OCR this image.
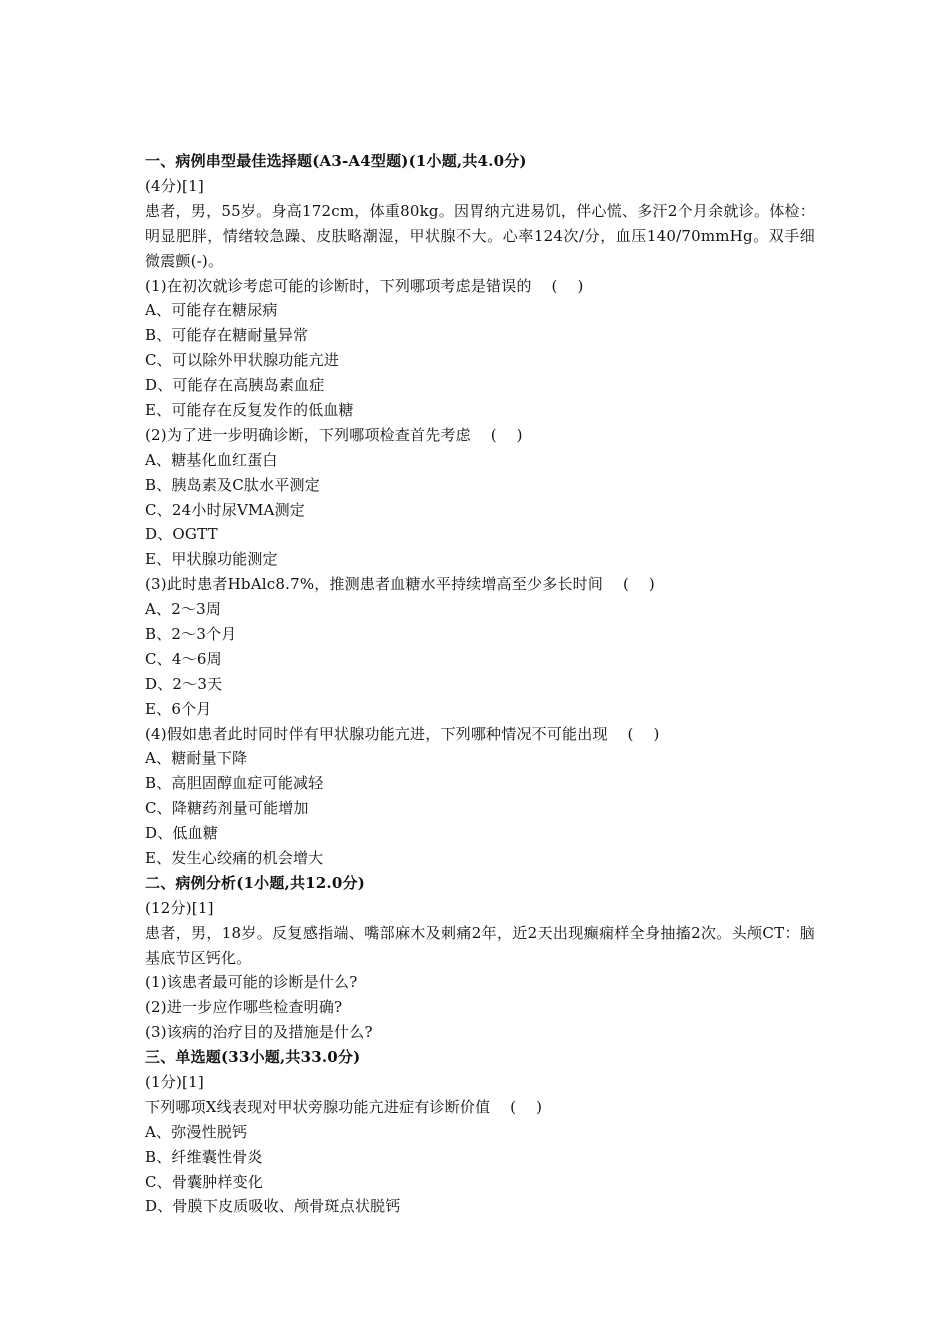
一、病例串型最佳选择题(A3-A4型题)(1小题,共4.0分)
(4分)[1]
患者，男，55岁。身高172cm，体重80kg。因胃纳亢进易饥，伴心慌、多汗2个月余就诊。体检：明显肥胖，情绪较急躁、皮肤略潮湿，甲状腺不大。心率124次/分，血压140/70mmHg。双手细微震颤(-)。
(1)在初次就诊考虑可能的诊断时，下列哪项考虑是错误的    (    )
A、可能存在糖尿病
B、可能存在糖耐量异常
C、可以除外甲状腺功能亢进
D、可能存在高胰岛素血症
E、可能存在反复发作的低血糖
(2)为了进一步明确诊断，下列哪项检查首先考虑    (    )
A、糖基化血红蛋白
B、胰岛素及C肽水平测定
C、24小时尿VMA测定
D、OGTT
E、甲状腺功能测定
(3)此时患者HbAlc8.7%，推测患者血糖水平持续增高至少多长时间    (    )
A、2～3周
B、2～3个月
C、4～6周
D、2～3天
E、6个月
(4)假如患者此时同时伴有甲状腺功能亢进，下列哪种情况不可能出现    (    )
A、糖耐量下降
B、高胆固醇血症可能减轻
C、降糖药剂量可能增加
D、低血糖
E、发生心绞痛的机会增大
二、病例分析(1小题,共12.0分)
(12分)[1]
患者，男，18岁。反复感指端、嘴部麻木及刺痛2年，近2天出现癫痫样全身抽搐2次。头颅CT：脑基底节区钙化。
(1)该患者最可能的诊断是什么?
(2)进一步应作哪些检查明确?
(3)该病的治疗目的及措施是什么?
三、单选题(33小题,共33.0分)
(1分)[1]
下列哪项X线表现对甲状旁腺功能亢进症有诊断价值    (    )
A、弥漫性脱钙
B、纤维囊性骨炎
C、骨囊肿样变化
D、骨膜下皮质吸收、颅骨斑点状脱钙
